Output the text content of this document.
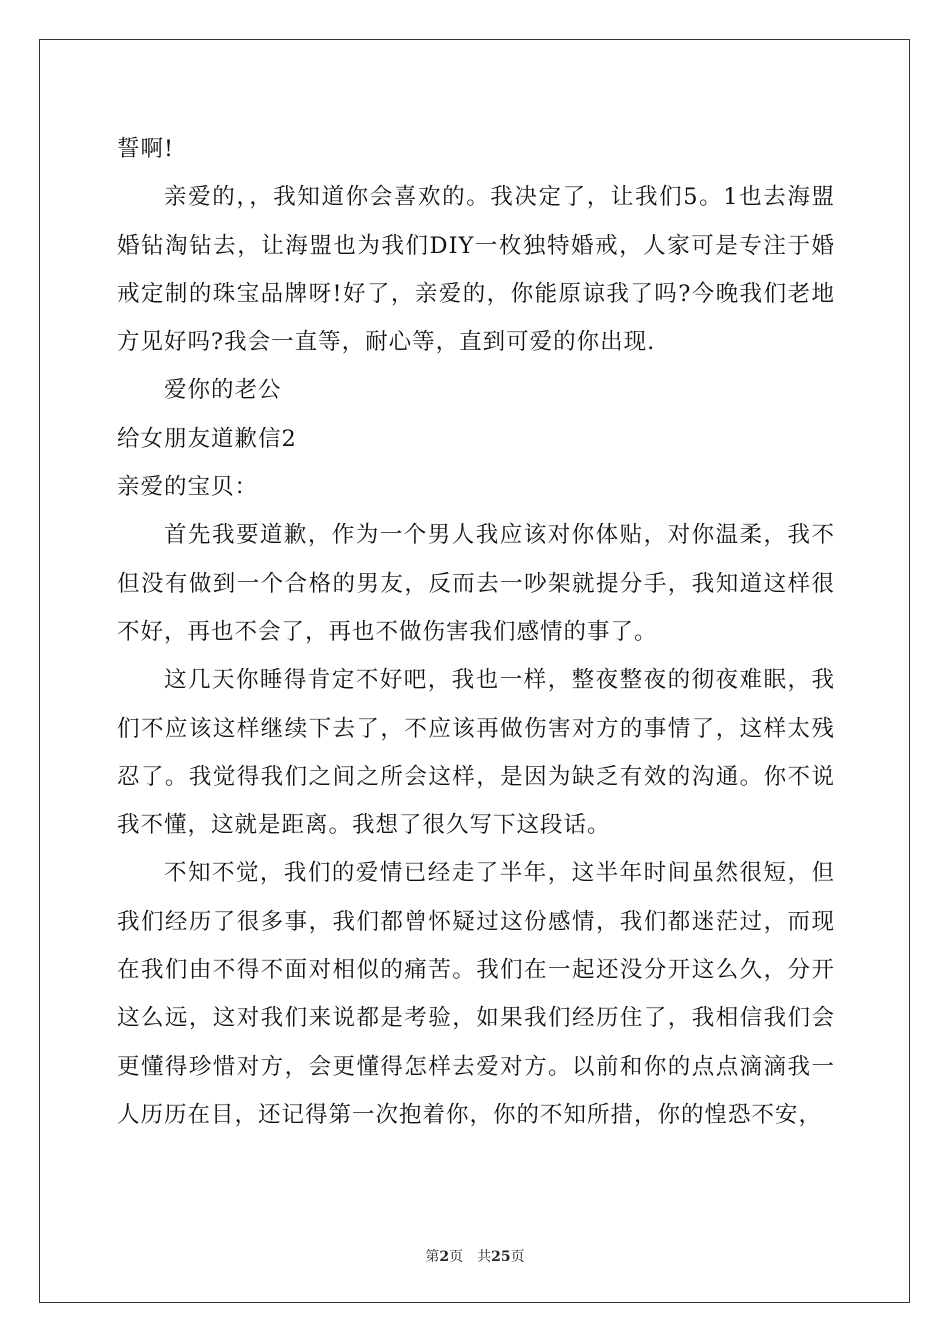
誓啊!

亲爱的，，我知道你会喜欢的。我决定了，让我们5。1也去海盟婚钻淘钻去，让海盟也为我们DIY一枚独特婚戒，人家可是专注于婚戒定制的珠宝品牌呀!好了，亲爱的，你能原谅我了吗?今晚我们老地方见好吗?我会一直等，耐心等，直到可爱的你出现.

爱你的老公

给女朋友道歉信2

亲爱的宝贝：

首先我要道歉，作为一个男人我应该对你体贴，对你温柔，我不但没有做到一个合格的男友，反而去一吵架就提分手，我知道这样很不好，再也不会了，再也不做伤害我们感情的事了。

这几天你睡得肯定不好吧，我也一样，整夜整夜的彻夜难眠，我们不应该这样继续下去了，不应该再做伤害对方的事情了，这样太残忍了。我觉得我们之间之所会这样，是因为缺乏有效的沟通。你不说我不懂，这就是距离。我想了很久写下这段话。

不知不觉，我们的爱情已经走了半年，这半年时间虽然很短，但我们经历了很多事，我们都曾怀疑过这份感情，我们都迷茫过，而现在我们由不得不面对相似的痛苦。我们在一起还没分开这么久，分开这么远，这对我们来说都是考验，如果我们经历住了，我相信我们会更懂得珍惜对方，会更懂得怎样去爱对方。以前和你的点点滴滴我一人历历在目，还记得第一次抱着你，你的不知所措，你的惶恐不安，

第2页 共25页
